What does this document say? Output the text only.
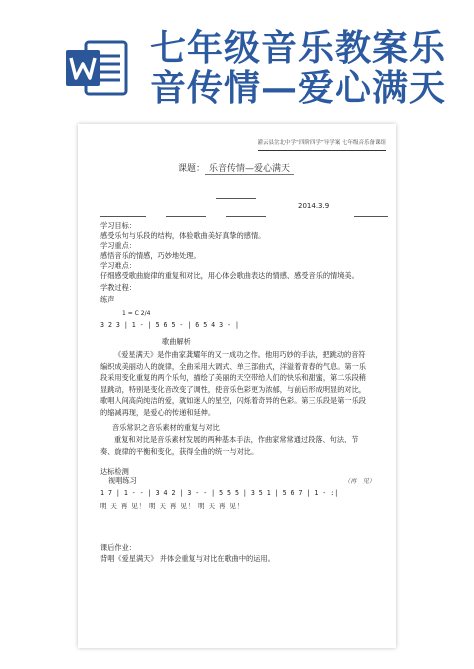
七年级音乐教案乐
音传情—爱心满天
灌云县岔北中学“四阶四学”导学案 七年级音乐备课组
课题： 乐音传情—爱心满天
2014.3.9
学习目标：
感受乐句与乐段的结构，体验歌曲美好真挚的感情。
学习重点：
感悟音乐的情感，巧妙地处理。
学习难点：
仔细感受歌曲旋律的重复和对比，用心体会歌曲表达的情感、感受音乐的情境美。
学教过程：
练声
1 = C 2/4
3 2 3 | 1 - | 5 6 5 - | 6 5 4 3 - |
歌曲解析
《爱星满天》是作曲家龚耀年的又一成功之作。他用巧妙的手法，把跳动的音符编织成美丽动人的旋律，全曲采用大调式、单三部曲式，洋溢着青春的气息。第一乐段采用变化重复的两个乐句，描绘了美丽的天空带给人们的快乐和甜蜜，第二乐段稍显跳动，特别是变化音改变了调性，使音乐色彩更为浓郁，与前后形成明显的对比，歌唱人间高尚纯洁的爱，就如迷人的星空，闪烁着奇异的色彩。第三乐段是第一乐段的缩减再现，是爱心的传递和延伸。
音乐常识之音乐素材的重复与对比
重复和对比是音乐素材发展的两种基本手法，作曲家常常通过段落、句法、节奏、旋律的平衡和变化，获得全曲的统一与对比。
达标检测
视唱练习	（再　见）
1 7 | 1 - - | 3 4 2 | 3 - - | 5 5 5 | 3 5 1 | 5 6 7 | 1 - :|
明 天 再 见！ 明 天 再 见！ 明 天 再 见！
课后作业：
背唱《爱星满天》 并体会重复与对比在歌曲中的运用。
